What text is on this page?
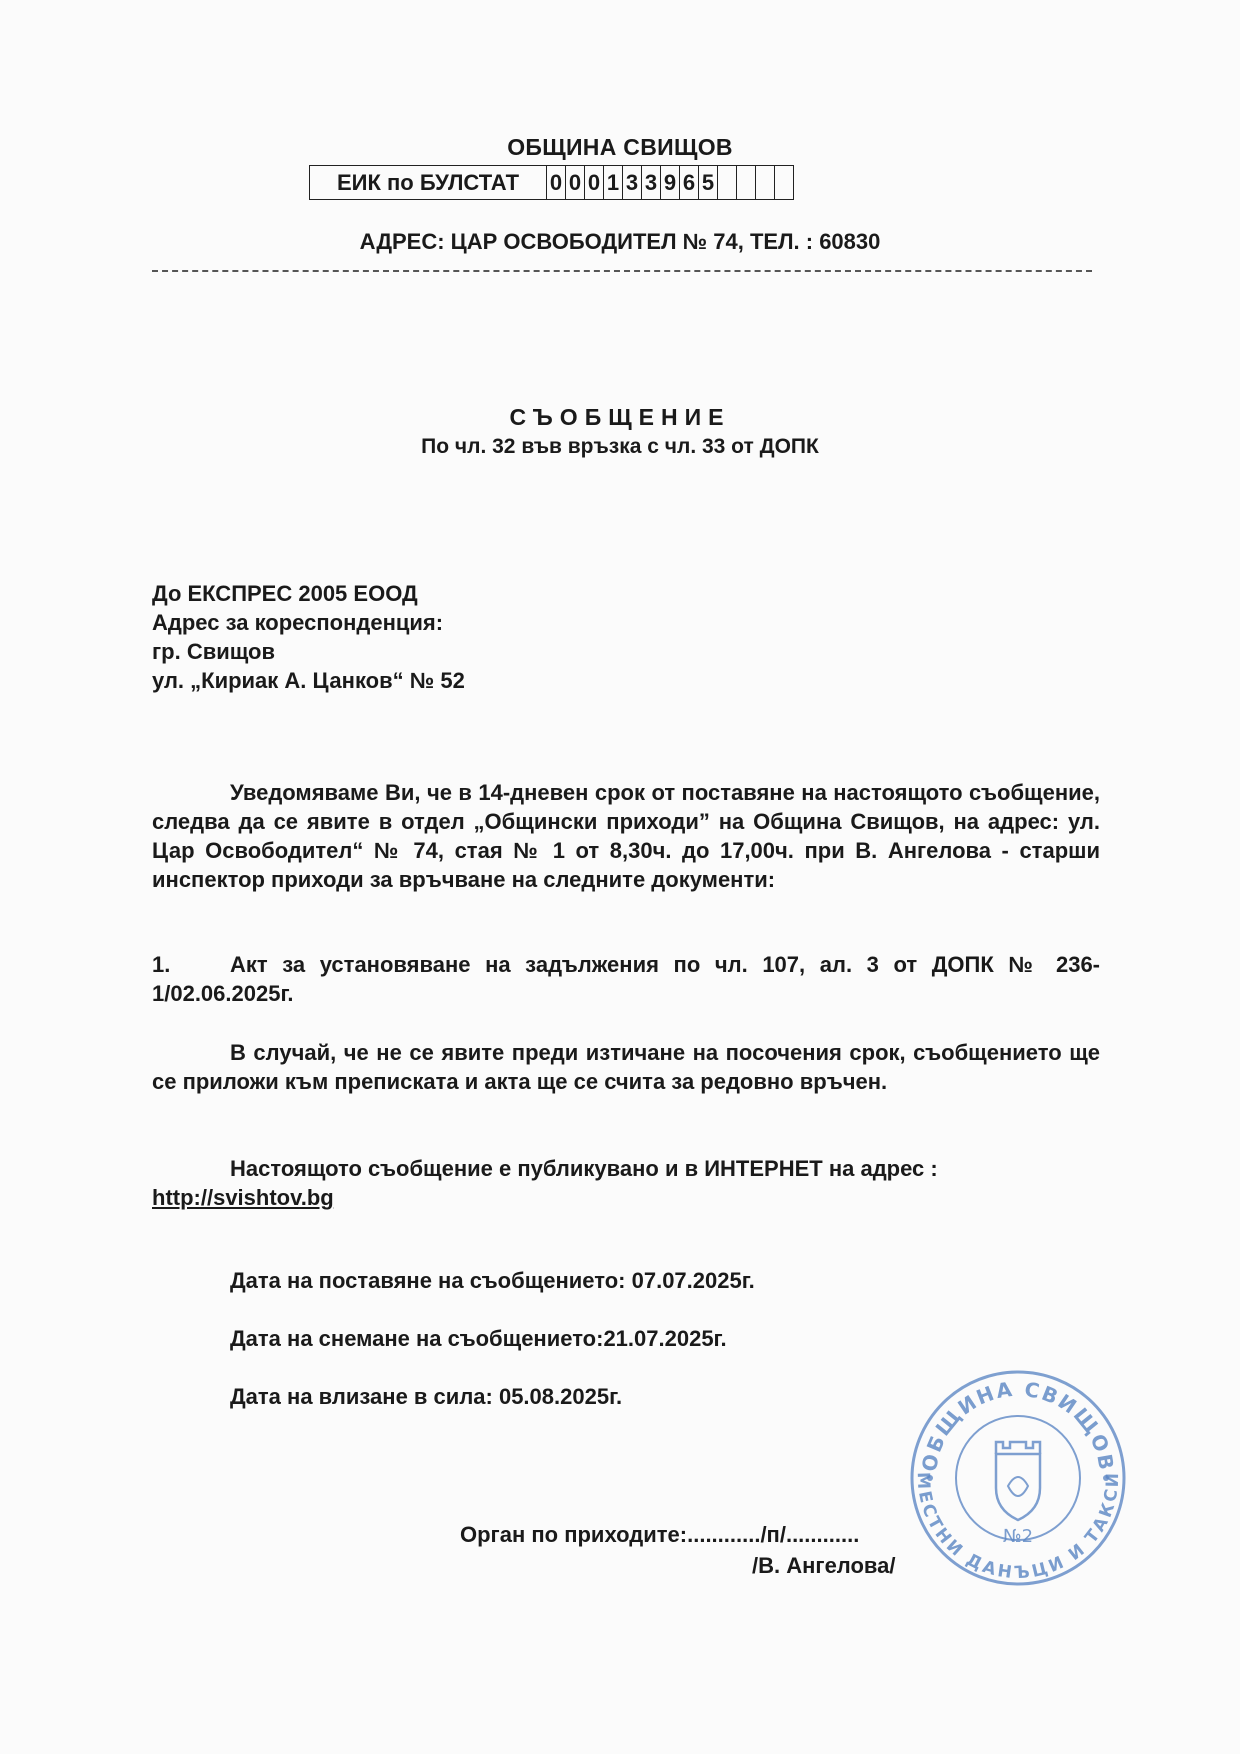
ОБЩИНА СВИЩОВ
ЕИК по БУЛСТАТ	0	0	0	1	3	3	9	6	5				
АДРЕС: ЦАР ОСВОБОДИТЕЛ № 74, ТЕЛ. : 60830
СЪОБЩЕНИЕ
По чл. 32 във връзка с чл. 33 от ДОПК
До ЕКСПРЕС 2005 ЕООД
Адрес за кореспонденция:
гр. Свищов
ул. „Кириак А. Цанков“ № 52
Уведомяваме Ви, че в 14-дневен срок от поставяне на настоящото съобщение, следва да се явите в отдел „Общински приходи” на Община Свищов, на адрес: ул. Цар Освободител“ № 74, стая № 1 от 8,30ч. до 17,00ч. при В. Ангелова - старши инспектор приходи за връчване на следните документи:
1.	Акт за установяване на задължения по чл. 107, ал. 3 от ДОПК № 236-1/02.06.2025г.
В случай, че не се явите преди изтичане на посочения срок, съобщението ще се приложи към преписката и акта ще се счита за редовно връчен.
Настоящото съобщение е публикувано и в ИНТЕРНЕТ на адрес :
http://svishtov.bg
Дата на поставяне на съобщението: 07.07.2025г.
Дата на снемане на съобщението:21.07.2025г.
Дата на влизане в сила: 05.08.2025г.
Орган по приходите:............/п/............
/В. Ангелова/
ОБЩИНА СВИЩОВ
МЕСТНИ ДАНЪЦИ И ТАКСИ
№2
